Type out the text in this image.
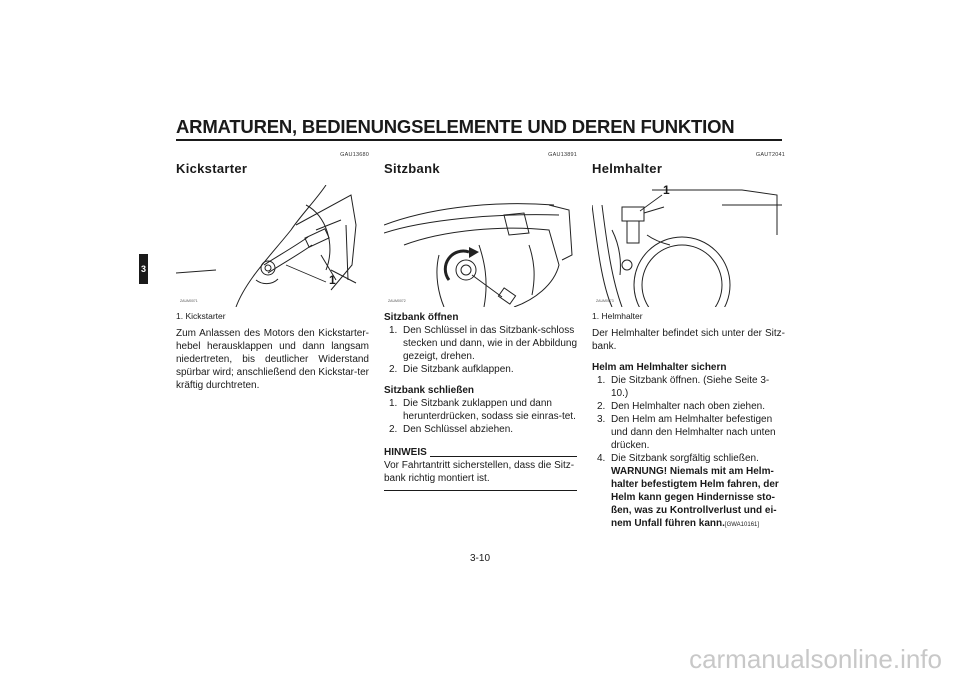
ARMATUREN, BEDIENUNGSELEMENTE UND DEREN FUNKTION
3
GAU13680
Kickstarter
1
ZAUM0071
1. Kickstarter

Zum Anlassen des Motors den Kickstarter-hebel herausklappen und dann langsam niedertreten, bis deutlicher Widerstand spürbar wird; anschließend den Kickstar-ter kräftig durchtreten.

GAU13891
Sitzbank
ZAUM0072
Sitzbank öffnen
1. Den Schlüssel in das Sitzbank-schloss stecken und dann, wie in der Abbildung gezeigt, drehen.
2. Die Sitzbank aufklappen.
Sitzbank schließen
1. Die Sitzbank zuklappen und dann herunterdrücken, sodass sie einras-tet.
2. Den Schlüssel abziehen.
HINWEIS
Vor Fahrtantritt sicherstellen, dass die Sitz-bank richtig montiert ist.
GAUT2041
Helmhalter
1
ZAUM0073
1. Helmhalter

Der Helmhalter befindet sich unter der Sitz-bank.

Helm am Helmhalter sichern
1. Die Sitzbank öffnen. (Siehe Seite 3-10.)
2. Den Helmhalter nach oben ziehen.
3. Den Helm am Helmhalter befestigen und dann den Helmhalter nach unten drücken.
4. Die Sitzbank sorgfältig schließen. WARNUNG! Niemals mit am Helm-halter befestigtem Helm fahren, der Helm kann gegen Hindernisse sto-ßen, was zu Kontrollverlust und ei-nem Unfall führen kann.[GWA10161]
3-10
carmanualsonline.info
